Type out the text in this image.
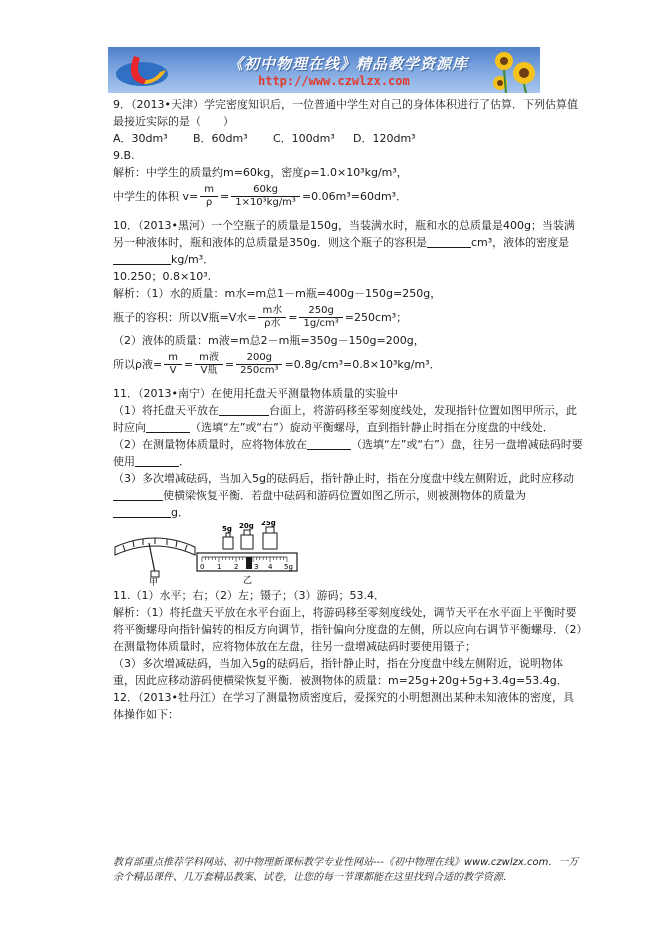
《初中物理在线》精品教学资源库
http://www.czwlzx.com

9．（2013•天津）学完密度知识后，一位普通中学生对自己的身体体积进行了估算．下列估算值最接近实际的是（　　）

A．30dm³ B．60dm³ C．100dm³ D．120dm³

9.B.

解析：中学生的质量约m=60kg，密度ρ=1.0×10³kg/m³，

中学生的体积 $v= \frac{m}{\rho} = \frac{60kg}{\text{1×10³kg/m³}} =0.06m^3=60dm^3$．

10．（2013•黑河）一个空瓶子的质量是150g，当装满水时，瓶和水的总质量是400g；当装满另一种液体时，瓶和液体的总质量是350g．则这个瓶子的容积是	cm³，液体的密度是kg/m³．

10.250；0.8×10³.

解析：（1）水的质量：m水=m总1－m瓶=400g－150g=250g，

瓶子的容积：所以V瓶=V水= $\frac{\text{m水}}{\text{ρ水}} = \frac{250g}{\text{1g/cm³}} =250cm^3$；

（2）液体的质量：m液=m总2－m瓶=350g－150g=200g，

所以ρ液= $\frac{m}{V} = \frac{\text{m液}}{\text{V瓶}} = \frac{200g}{\text{250cm³}} =0.8g/cm^3=0.8\times 10^3kg/m^3$．

11．（2013•南宁）在使用托盘天平测量物体质量的实验中

（1）将托盘天平放在	台面上，将游码移至零刻度线处，发现指针位置如图甲所示，此时应向	（选填“左”或“右”）旋动平衡螺母，直到指针静止时指在分度盘的中线处．

（2）在测量物体质量时，应将物体放在	（选填“左”或“右”）盘，往另一盘增减砝码时要使用	．

（3）多次增减砝码，当加入5g的砝码后，指针静止时，指在分度盘中线左侧附近，此时应移动使横梁恢复平衡．若盘中砝码和游码位置如图乙所示，则被测物体的质量为g．

甲
5g 20g 25g
0 1 2 3 4 5g
乙

11.（1）水平；右；（2）左；镊子；（3）游码；53.4．

解析：（1）将托盘天平放在水平台面上，将游码移至零刻度线处，调节天平在水平面上平衡时要将平衡螺母向指针偏转的相反方向调节，指针偏向分度盘的左侧，所以应向右调节平衡螺母．（2）在测量物体质量时，应将物体放在左盘，往另一盘增减砝码时要使用镊子；

（3）多次增减砝码，当加入5g的砝码后，指针静止时，指在分度盘中线左侧附近，说明物体重，因此应移动游码使横梁恢复平衡．被测物体的质量：m=25g+20g+5g+3.4g=53.4g．

12．（2013•牡丹江）在学习了测量物质密度后，爱探究的小明想测出某种未知液体的密度，具体操作如下：

教育部重点推荐学科网站、初中物理新课标教学专业性网站---《初中物理在线》www.czwlzx.com．一万余个精品课件、几万套精品教案、试卷，让您的每一节课都能在这里找到合适的教学资源．
